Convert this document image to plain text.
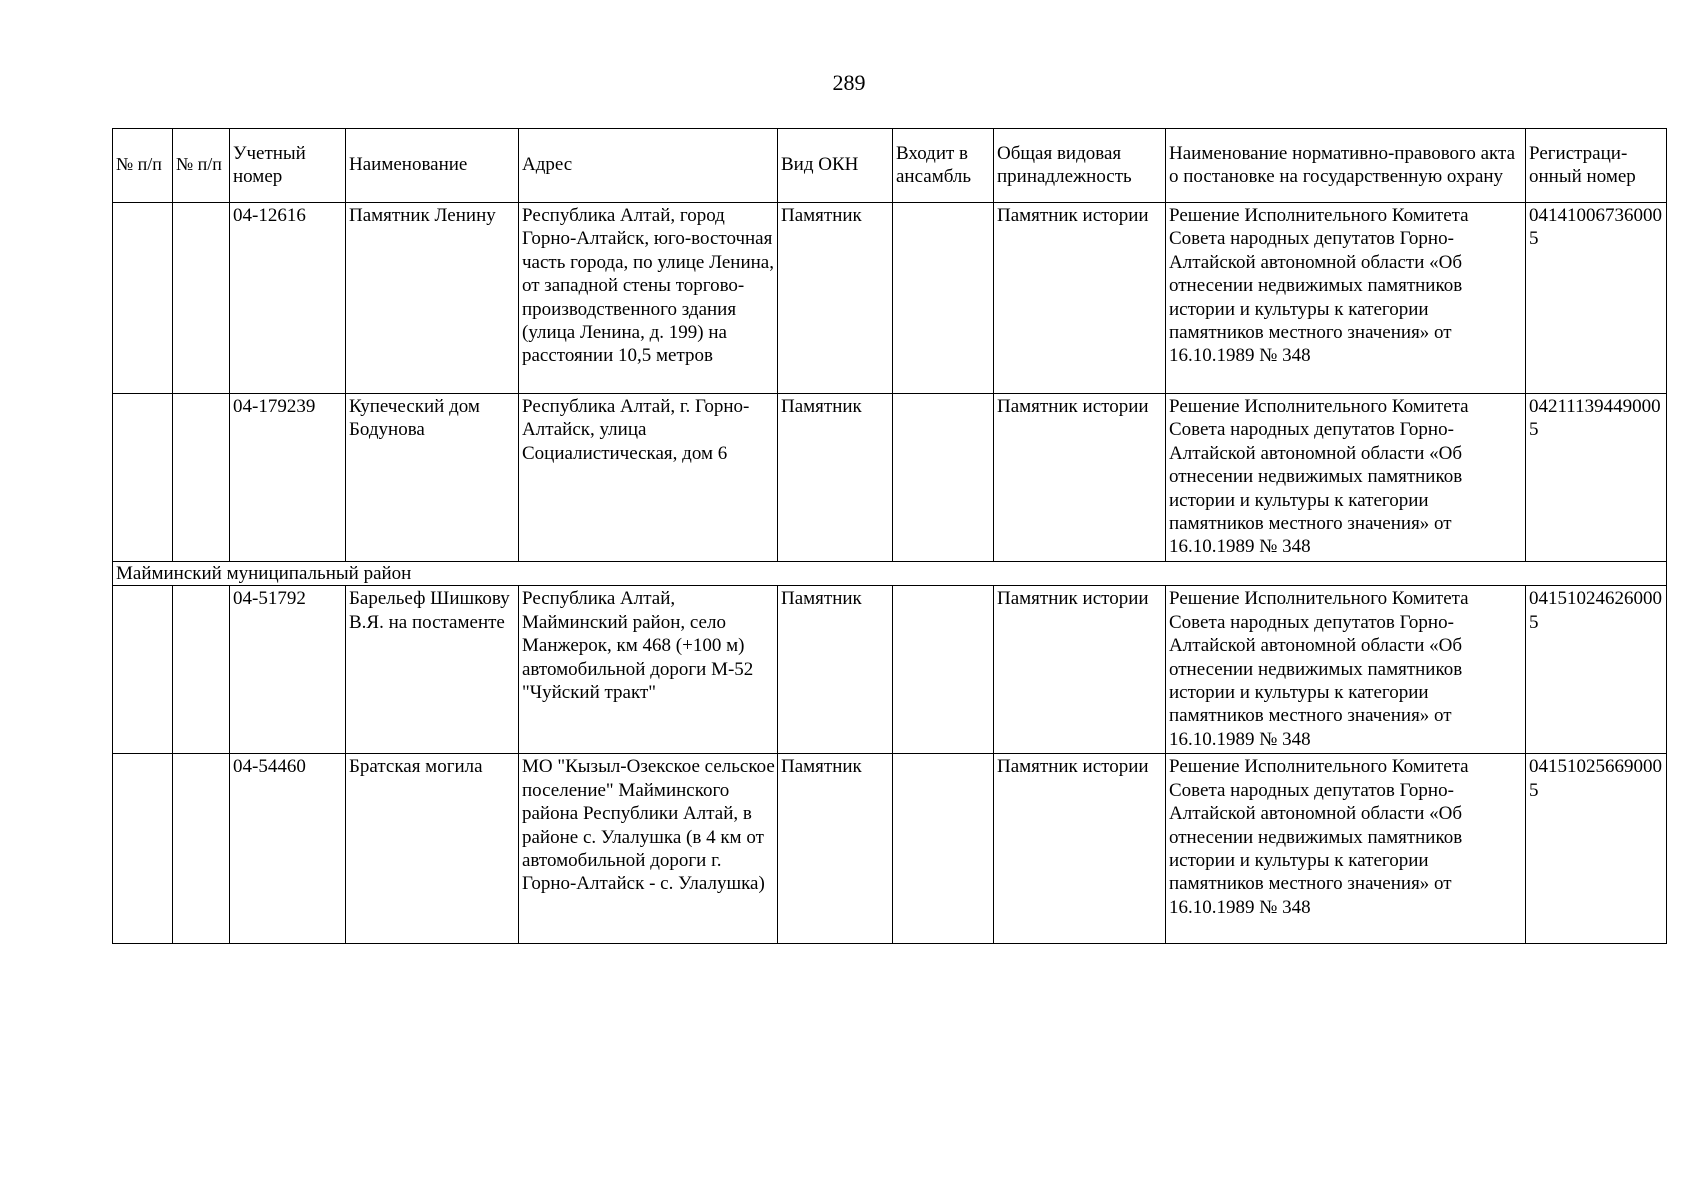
289
№ п/п	№ п/п	Учетный номер	Наименование	Адрес	Вид ОКН	Входит в ансамбль	Общая видовая принадлежность	Наименование нормативно-правового акта о постановке на государственную охрану	Регистраци-онный номер
		04-12616	Памятник Ленину	Республика Алтай, город Горно-Алтайск, юго-восточная часть города, по улице Ленина, от западной стены торгово-производственного здания (улица Ленина, д. 199) на расстоянии 10,5 метров	Памятник		Памятник истории	Решение Исполнительного Комитета Совета народных депутатов Горно-Алтайской автономной области «Об отнесении недвижимых памятников истории и культуры к категории памятников местного значения» от 16.10.1989 № 348	041410067360005
		04-179239	Купеческий дом Бодунова	Республика Алтай, г. Горно-Алтайск, улица Социалистическая, дом 6	Памятник		Памятник истории	Решение Исполнительного Комитета Совета народных депутатов Горно-Алтайской автономной области «Об отнесении недвижимых памятников истории и культуры к категории памятников местного значения» от 16.10.1989 № 348	042111394490005
Майминский муниципальный район									
		04-51792	Барельеф Шишкову В.Я. на постаменте	Республика Алтай, Майминский район, село Манжерок, км 468 (+100 м) автомобильной дороги М-52 "Чуйский тракт"	Памятник		Памятник истории	Решение Исполнительного Комитета Совета народных депутатов Горно-Алтайской автономной области «Об отнесении недвижимых памятников истории и культуры к категории памятников местного значения» от 16.10.1989 № 348	041510246260005
		04-54460	Братская могила	МО "Кызыл-Озекское сельское поселение" Майминского района Республики Алтай, в районе с. Улалушка (в 4 км от автомобильной дороги г. Горно-Алтайск - с. Улалушка)	Памятник		Памятник истории	Решение Исполнительного Комитета Совета народных депутатов Горно-Алтайской автономной области «Об отнесении недвижимых памятников истории и культуры к категории памятников местного значения» от 16.10.1989 № 348	041510256690005
